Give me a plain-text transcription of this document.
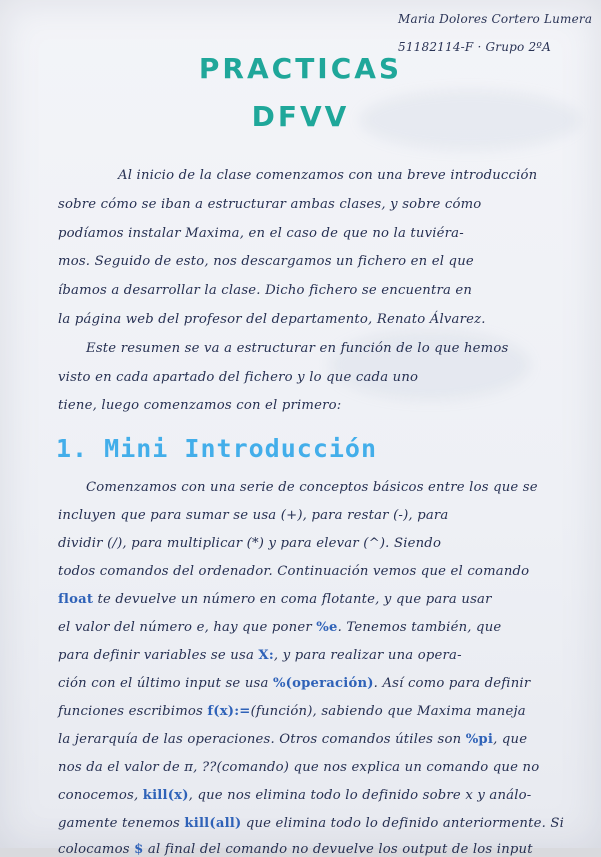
Maria Dolores Cortero Lumera
51182114-F · Grupo 2ºA
PRACTICAS
DFVV
Al inicio de la clase comenzamos con una breve introducción
sobre cómo se iban a estructurar ambas clases, y sobre cómo
podíamos instalar Maxima, en el caso de que no la tuviéra-
mos. Seguido de esto, nos descargamos un fichero en el que
íbamos a desarrollar la clase. Dicho fichero se encuentra en
la página web del profesor del departamento, Renato Álvarez.
Este resumen se va a estructurar en función de lo que hemos
visto en cada apartado del fichero y lo que cada uno
tiene, luego comenzamos con el primero:
1. Mini Introducción
Comenzamos con una serie de conceptos básicos entre los que se
incluyen que para sumar se usa (+), para restar (-), para
dividir (/), para multiplicar (*) y para elevar (^). Siendo
todos comandos del ordenador. Continuación vemos que el comando
float te devuelve un número en coma flotante, y que para usar
el valor del número e, hay que poner %e. Tenemos también, que
para definir variables se usa X:, y para realizar una opera-
ción con el último input se usa %(operación). Así como para definir
funciones escribimos f(x):=(función), sabiendo que Maxima maneja
la jerarquía de las operaciones. Otros comandos útiles son %pi, que
nos da el valor de π, ??(comando) que nos explica un comando que no
conocemos, kill(x), que nos elimina todo lo definido sobre x y análo-
gamente tenemos kill(all) que elimina todo lo definido anteriormente. Si
colocamos $ al final del comando no devuelve los output de los input
